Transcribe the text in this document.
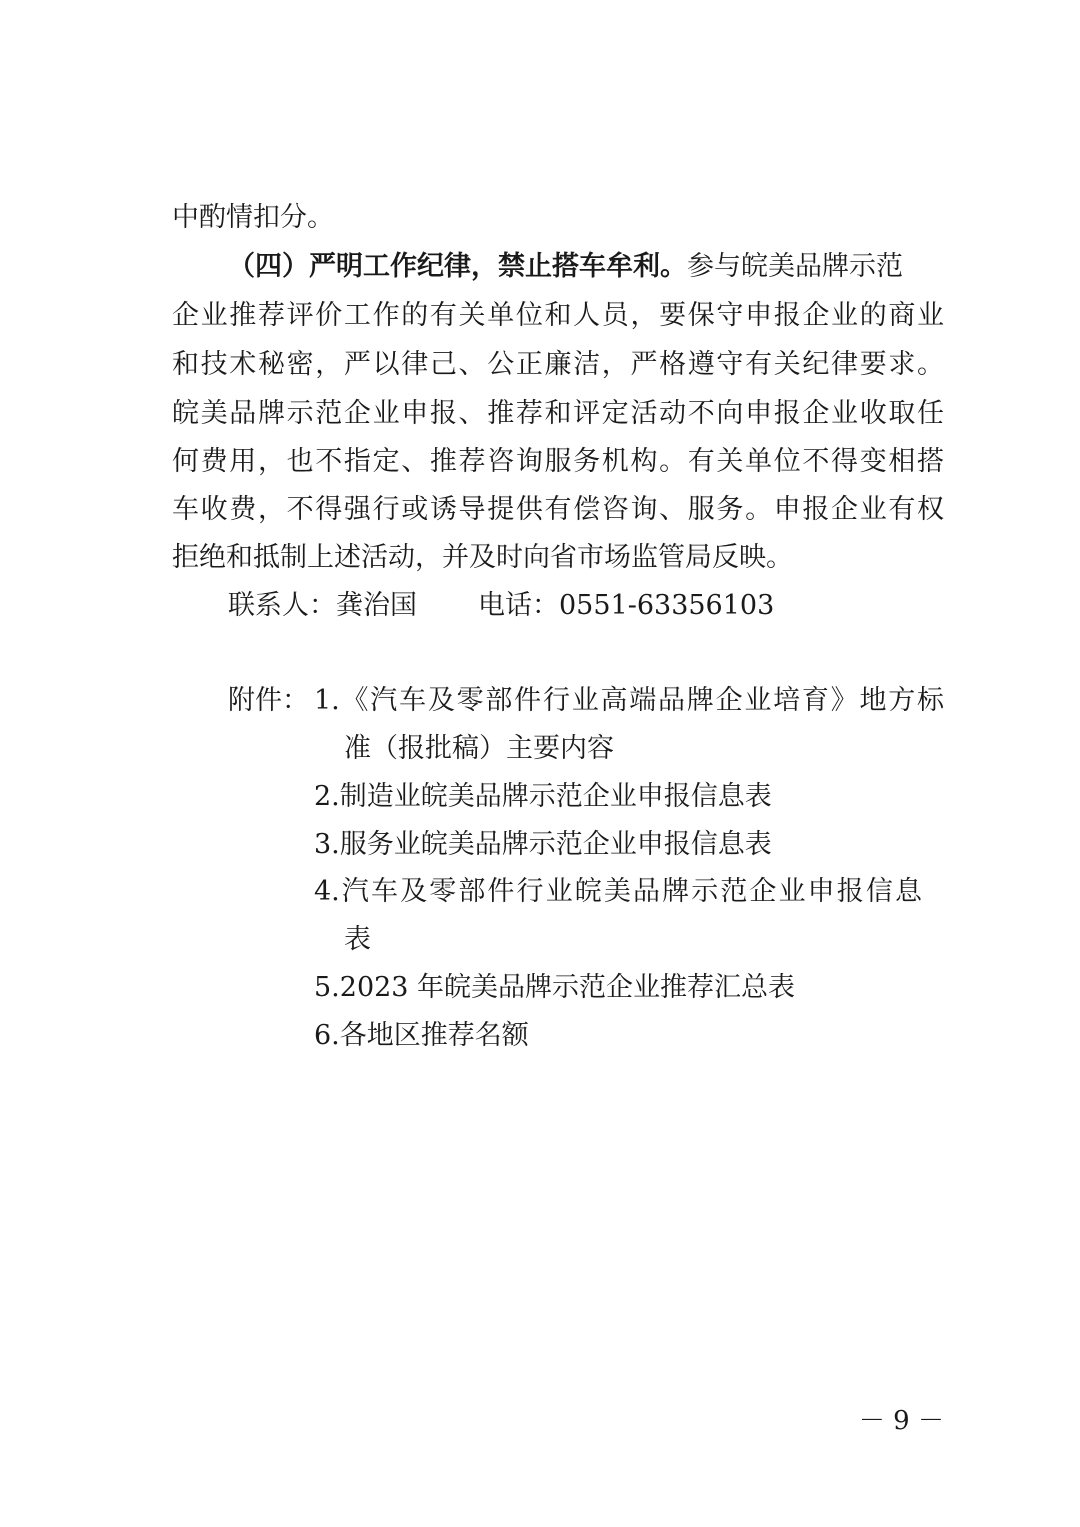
中酌情扣分。
（四）严明工作纪律，禁止搭车牟利。参与皖美品牌示范
企业推荐评价工作的有关单位和人员，要保守申报企业的商业
和技术秘密，严以律己、公正廉洁，严格遵守有关纪律要求。
皖美品牌示范企业申报、推荐和评定活动不向申报企业收取任
何费用，也不指定、推荐咨询服务机构。有关单位不得变相搭
车收费，不得强行或诱导提供有偿咨询、服务。申报企业有权
拒绝和抵制上述活动，并及时向省市场监管局反映。
联系人：龚治国 电话：0551-63356103
附件： 1.《汽车及零部件行业高端品牌企业培育》地方标
准（报批稿）主要内容
2.制造业皖美品牌示范企业申报信息表
3.服务业皖美品牌示范企业申报信息表
4.汽车及零部件行业皖美品牌示范企业申报信息
表
5.2023 年皖美品牌示范企业推荐汇总表
6.各地区推荐名额
－ 9 －
